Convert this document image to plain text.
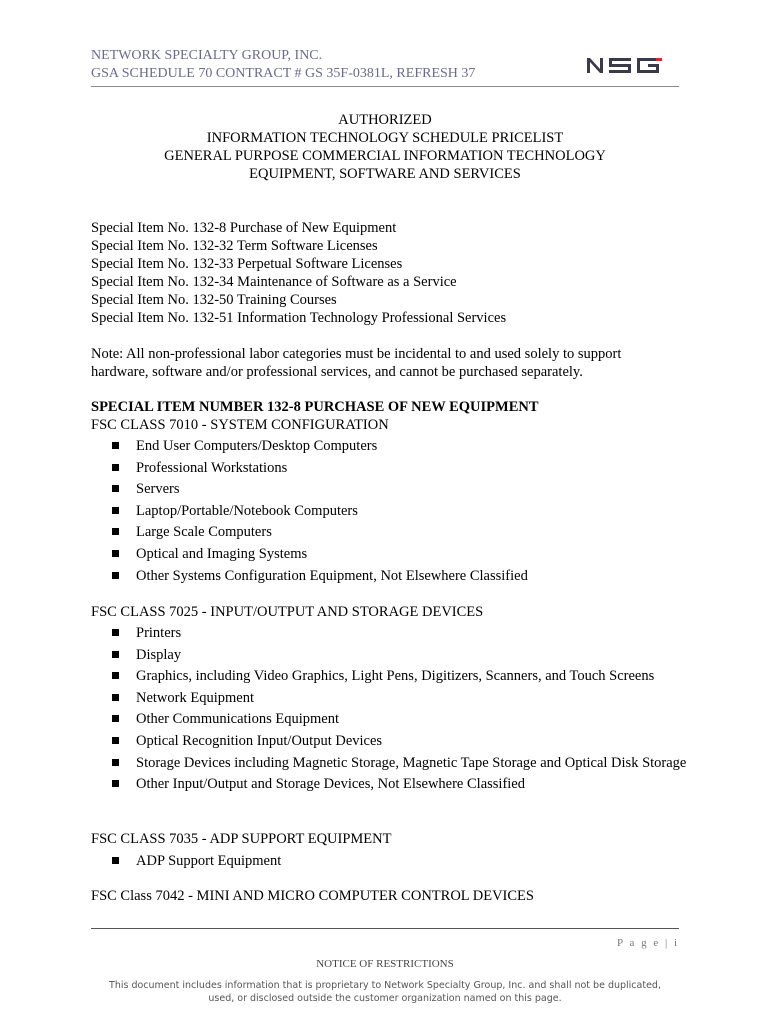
NETWORK SPECIALTY GROUP, INC.
GSA SCHEDULE 70 CONTRACT # GS 35F-0381L, REFRESH 37
AUTHORIZED
INFORMATION TECHNOLOGY SCHEDULE PRICELIST
GENERAL PURPOSE COMMERCIAL INFORMATION TECHNOLOGY
EQUIPMENT, SOFTWARE AND SERVICES
Special Item No. 132-8 Purchase of New Equipment
Special Item No. 132-32 Term Software Licenses
Special Item No. 132-33 Perpetual Software Licenses
Special Item No. 132-34 Maintenance of Software as a Service
Special Item No. 132-50 Training Courses
Special Item No. 132-51 Information Technology Professional Services
Note: All non-professional labor categories must be incidental to and used solely to support hardware, software and/or professional services, and cannot be purchased separately.
SPECIAL ITEM NUMBER 132-8 PURCHASE OF NEW EQUIPMENT
FSC CLASS 7010 - SYSTEM CONFIGURATION
End User Computers/Desktop Computers
Professional Workstations
Servers
Laptop/Portable/Notebook Computers
Large Scale Computers
Optical and Imaging Systems
Other Systems Configuration Equipment, Not Elsewhere Classified
FSC CLASS 7025 - INPUT/OUTPUT AND STORAGE DEVICES
Printers
Display
Graphics, including Video Graphics, Light Pens, Digitizers, Scanners, and Touch Screens
Network Equipment
Other Communications Equipment
Optical Recognition Input/Output Devices
Storage Devices including Magnetic Storage, Magnetic Tape Storage and Optical Disk Storage
Other Input/Output and Storage Devices, Not Elsewhere Classified
FSC CLASS 7035 - ADP SUPPORT EQUIPMENT
ADP Support Equipment
FSC Class 7042 - MINI AND MICRO COMPUTER CONTROL DEVICES
P a g e | i
NOTICE OF RESTRICTIONS
This document includes information that is proprietary to Network Specialty Group, Inc. and shall not be duplicated, used, or disclosed outside the customer organization named on this page.
